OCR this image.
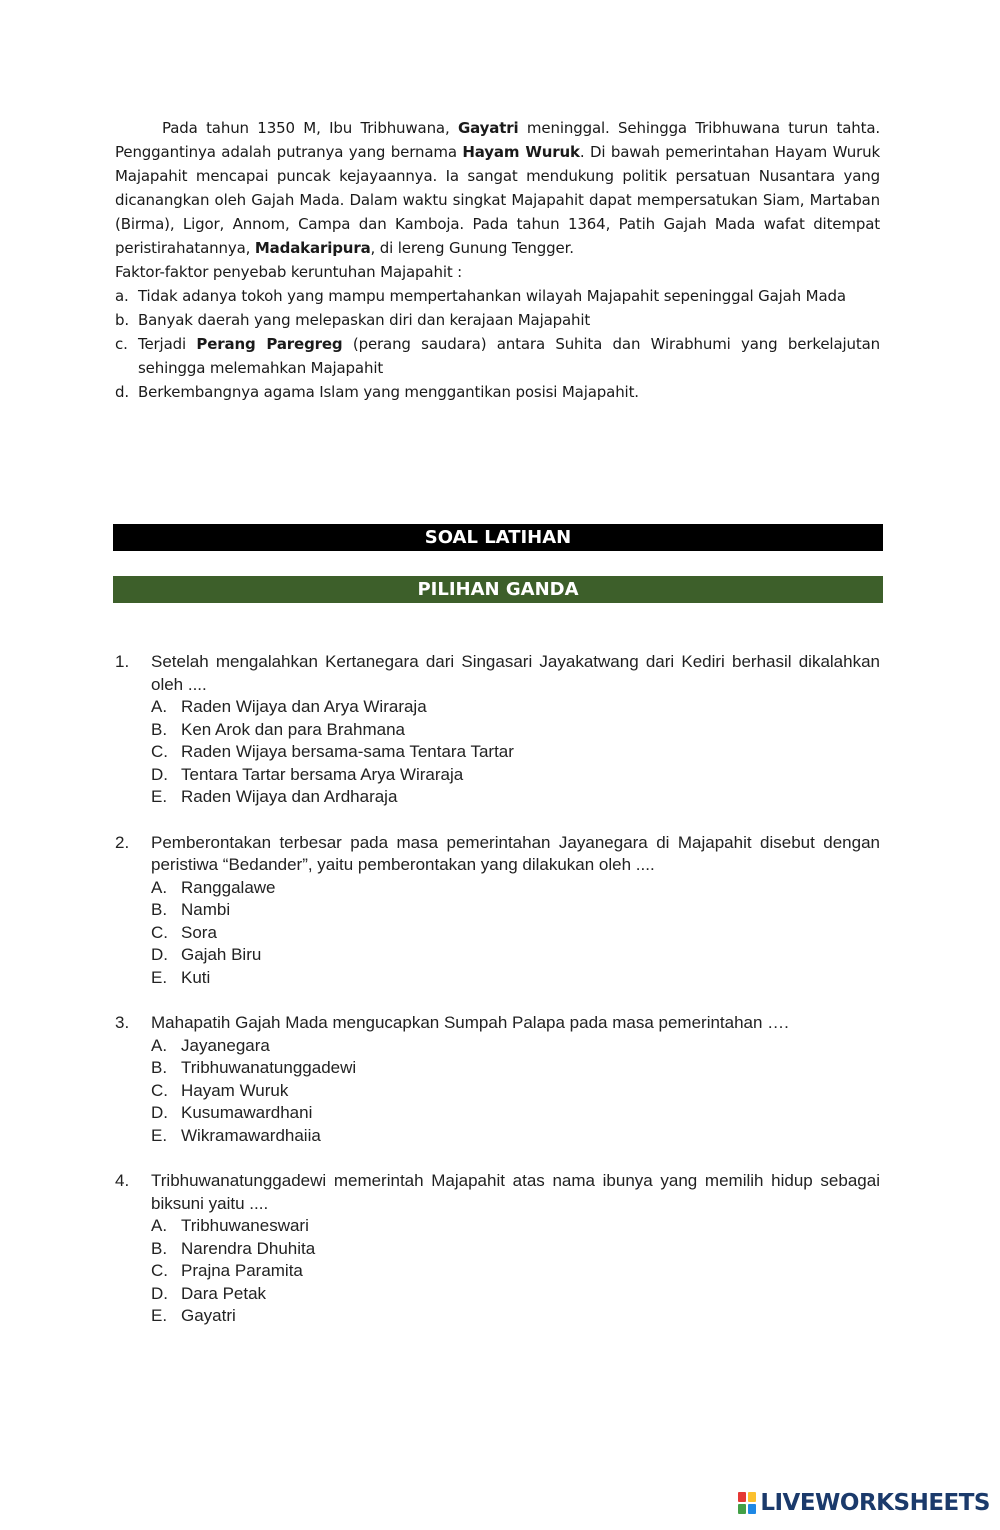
Pada tahun 1350 M, Ibu Tribhuwana, Gayatri meninggal. Sehingga Tribhuwana turun tahta. Penggantinya adalah putranya yang bernama Hayam Wuruk. Di bawah pemerintahan Hayam Wuruk Majapahit mencapai puncak kejayaannya. Ia sangat mendukung politik persatuan Nusantara yang dicanangkan oleh Gajah Mada. Dalam waktu singkat Majapahit dapat mempersatukan Siam, Martaban (Birma), Ligor, Annom, Campa dan Kamboja. Pada tahun 1364, Patih Gajah Mada wafat ditempat peristirahatannya, Madakaripura, di lereng Gunung Tengger.

Faktor-faktor penyebab keruntuhan Majapahit :

a. Tidak adanya tokoh yang mampu mempertahankan wilayah Majapahit sepeninggal Gajah Mada
b. Banyak daerah yang melepaskan diri dan kerajaan Majapahit
c. Terjadi Perang Paregreg (perang saudara) antara Suhita dan Wirabhumi yang berkelajutan sehingga melemahkan Majapahit
d. Berkembangnya agama Islam yang menggantikan posisi Majapahit.
SOAL LATIHAN
PILIHAN GANDA
1. Setelah mengalahkan Kertanegara dari Singasari Jayakatwang dari Kediri berhasil dikalahkan oleh ....
A. Raden Wijaya dan Arya Wiraraja
B. Ken Arok dan para Brahmana
C. Raden Wijaya bersama-sama Tentara Tartar
D. Tentara Tartar bersama Arya Wiraraja
E. Raden Wijaya dan Ardharaja
2. Pemberontakan terbesar pada masa pemerintahan Jayanegara di Majapahit disebut dengan peristiwa “Bedander”, yaitu pemberontakan yang dilakukan oleh ....
A. Ranggalawe
B. Nambi
C. Sora
D. Gajah Biru
E. Kuti
3. Mahapatih Gajah Mada mengucapkan Sumpah Palapa pada masa pemerintahan ….
A. Jayanegara
B. Tribhuwanatunggadewi
C. Hayam Wuruk
D. Kusumawardhani
E. Wikramawardhaiia
4. Tribhuwanatunggadewi memerintah Majapahit atas nama ibunya yang memilih hidup sebagai biksuni yaitu ....
A. Tribhuwaneswari
B. Narendra Dhuhita
C. Prajna Paramita
D. Dara Petak
E. Gayatri
LIVEWORKSHEETS
